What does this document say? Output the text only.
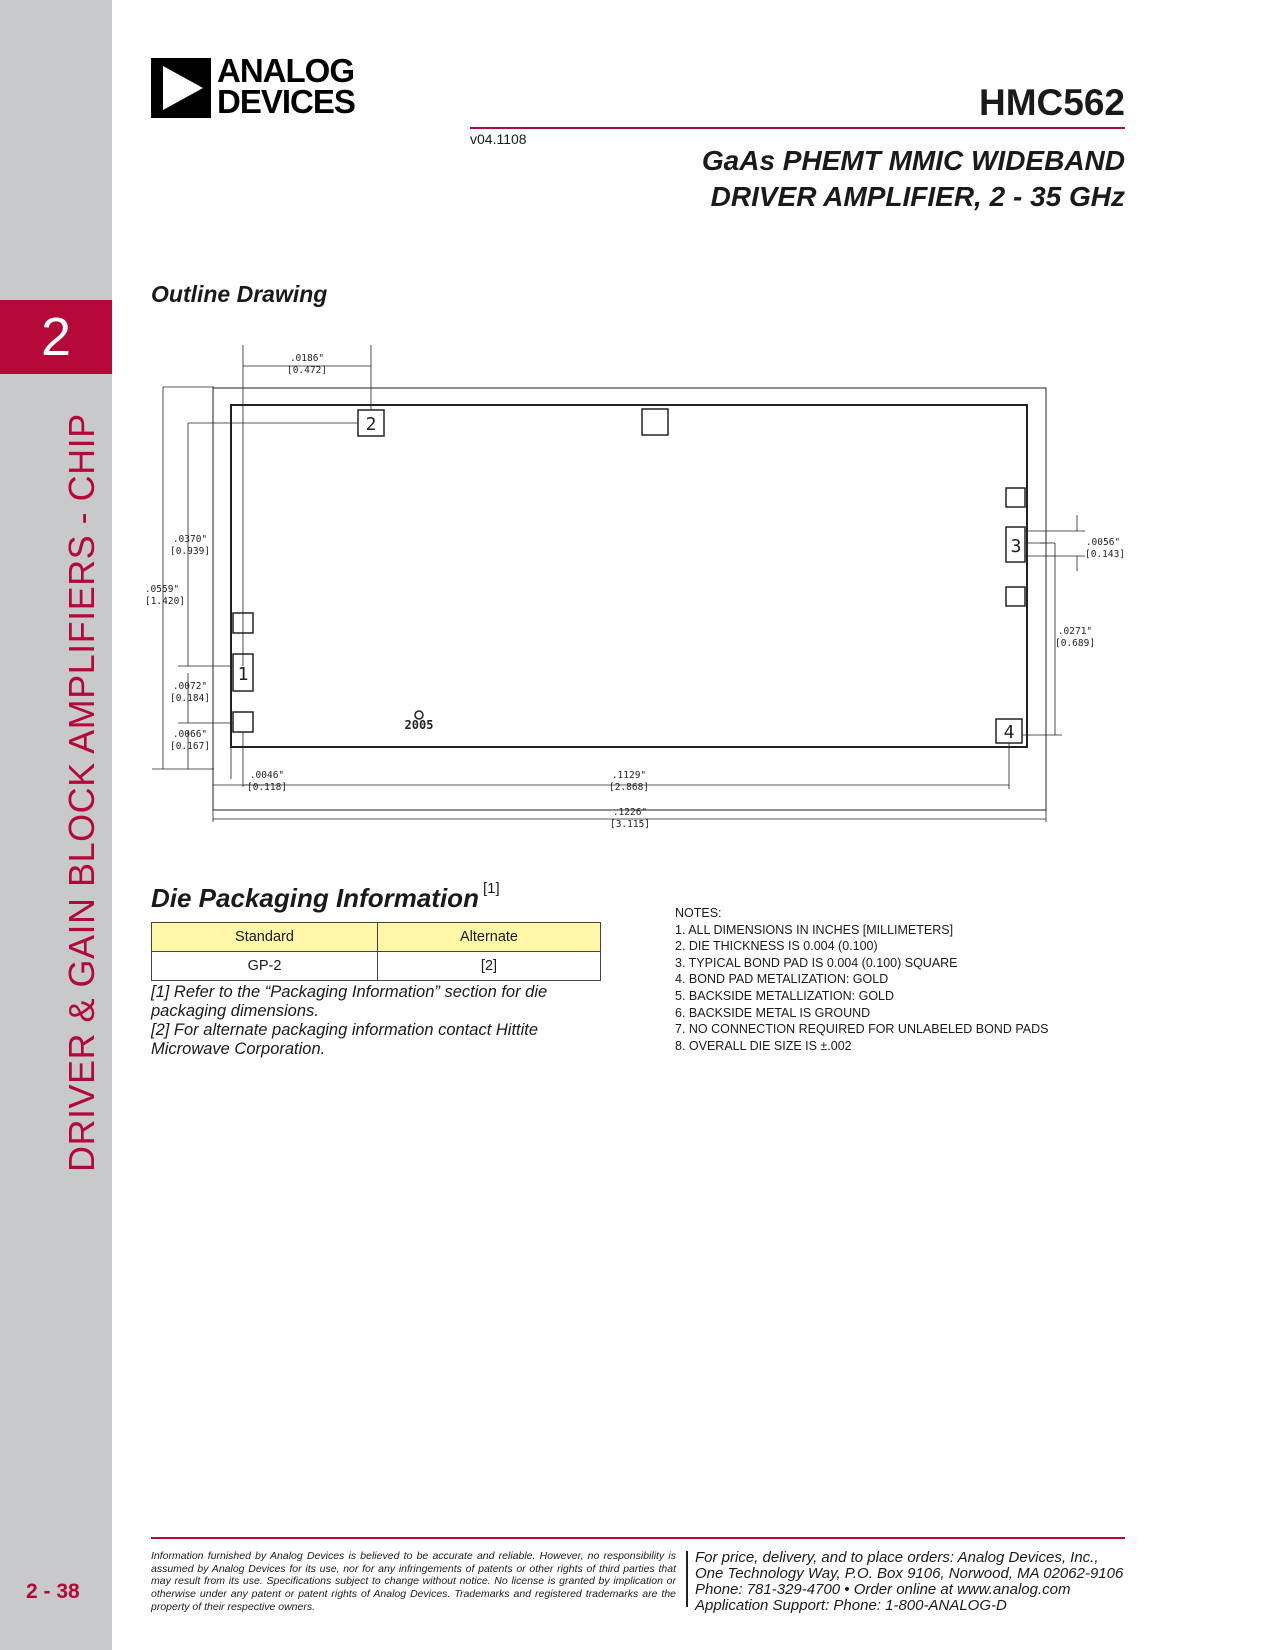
2
DRIVER & GAIN BLOCK AMPLIFIERS - CHIP
2 - 38
ANALOG
DEVICES	HMC562
v04.1108
GaAs PHEMT MMIC WIDEBAND
DRIVER AMPLIFIER, 2 - 35 GHz
Outline Drawing
2
3
4
1
2005
.0186"
[0.472]
.0370"
[0.939]
.0559"
[1.420]
.0072"
[0.184]
.0066"
[0.167]
.0056"
[0.143]
.0271"
[0.689]
.0046"
[0.118]
.1129"
[2.868]
.1226"
[3.115]
Die Packaging Information [1]
Standard	Alternate
GP-2	[2]
[1] Refer to the “Packaging Information” section for die packaging dimensions.
[2] For alternate packaging information contact Hittite Microwave Corporation.
NOTES:
1. ALL DIMENSIONS IN INCHES [MILLIMETERS]
2. DIE THICKNESS IS 0.004 (0.100)
3. TYPICAL BOND PAD IS 0.004 (0.100) SQUARE
4. BOND PAD METALIZATION: GOLD
5. BACKSIDE METALLIZATION: GOLD
6. BACKSIDE METAL IS GROUND
7. NO CONNECTION REQUIRED FOR UNLABELED BOND PADS
8. OVERALL DIE SIZE IS ±.002
Information furnished by Analog Devices is believed to be accurate and reliable. However, no responsibility is assumed by Analog Devices for its use, nor for any infringements of patents or other rights of third parties that may result from its use. Specifications subject to change without notice. No license is granted by implication or otherwise under any patent or patent rights of Analog Devices. Trademarks and registered trademarks are the property of their respective owners.
For price, delivery, and to place orders: Analog Devices, Inc.,
One Technology Way, P.O. Box 9106, Norwood, MA 02062-9106
Phone: 781-329-4700 • Order online at www.analog.com
Application Support: Phone: 1-800-ANALOG-D
